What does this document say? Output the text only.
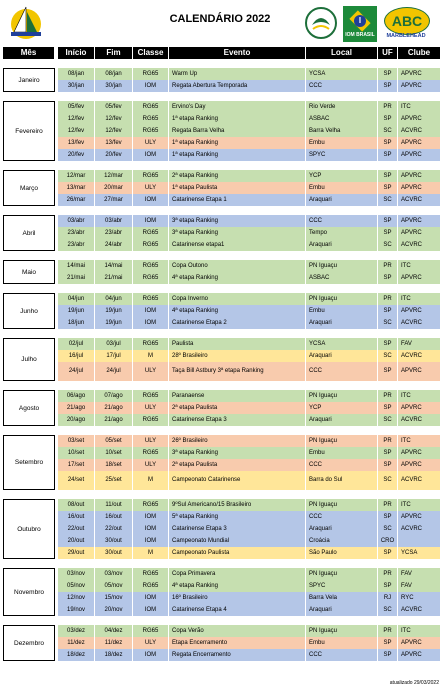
CALENDÁRIO 2022	I
IOM BRASIL
ABC
MARBLEHEAD
Mês	Início	Fim	Classe	Evento	Local	UF	Clube
08/jan	08/jan	RG65	Warm Up	YCSA	SP	APVRC
30/jan	30/jan	IOM	Regata Abertura Temporada	CCC	SP	APVRC
Janeiro
05/fev	05/fev	RG65	Ervino's Day	Rio Verde	PR	ITC
12/fev	12/fev	RG65	1ª etapa Ranking	ASBAC	SP	APVRC
12/fev	12/fev	RG65	Regata Barra Velha	Barra Velha	SC	ACVRC
13/fev	13/fev	ULY	1ª etapa Ranking	Embu	SP	APVRC
20/fev	20/fev	IOM	1ª etapa Ranking	SPYC	SP	APVRC
Fevereiro
12/mar	12/mar	RG65	2ª etapa Ranking	YCP	SP	APVRC
13/mar	20/mar	ULY	1ª etapa Paulista	Embu	SP	APVRC
26/mar	27/mar	IOM	Catarinense Etapa 1	Araquari	SC	ACVRC
Março
03/abr	03/abr	IOM	3ª etapa Ranking	CCC	SP	APVRC
23/abr	23/abr	RG65	3ª etapa Ranking	Tempo	SP	APVRC
23/abr	24/abr	RG65	Catarinense etapa1	Araquari	SC	ACVRC
Abril
14/mai	14/mai	RG65	Copa Outono	PN Iguaçu	PR	ITC
21/mai	21/mai	RG65	4ª etapa Ranking	ASBAC	SP	APVRC
Maio
04/jun	04/jun	RG65	Copa Inverno	PN Iguaçu	PR	ITC
19/jun	19/jun	IOM	4ª etapa Ranking	Embu	SP	APVRC
18/jun	19/jun	IOM	Catarinense Etapa 2	Araquari	SC	ACVRC
Junho
02/jul	03/jul	RG65	Paulista	YCSA	SP	FAV
16/jul	17/jul	M	28º Brasileiro	Araquari	SC	ACVRC
24/jul	24/jul	ULY	Taça Bill Astbury 3ª etapa Ranking	CCC	SP	APVRC
Julho
06/ago	07/ago	RG65	Paranaense	PN Iguaçu	PR	ITC
21/ago	21/ago	ULY	2ª etapa Paulista	YCP	SP	APVRC
20/ago	21/ago	RG65	Catarinense Etapa 3	Araquari	SC	ACVRC
Agosto
03/set	05/set	ULY	26º Brasileiro	PN Iguaçu	PR	ITC
10/set	10/set	RG65	3ª etapa Ranking	Embu	SP	APVRC
17/set	18/set	ULY	2ª etapa Paulista	CCC	SP	APVRC
24/set	25/set	M	Campeonato Catarinense	Barra do Sul	SC	ACVRC
Setembro
08/out	11/out	RG65	9ºSul Americano/15 Brasileiro	PN Iguaçu	PR	ITC
16/out	16/out	IOM	5ª etapa Ranking	CCC	SP	APVRC
22/out	22/out	IOM	Catarinense Etapa 3	Araquari	SC	ACVRC
20/out	30/out	IOM	Campeonato Mundial	Croácia	CRO
29/out	30/out	M	Campeonato Paulista	São Paulo	SP	YCSA
Outubro
03/nov	03/nov	RG65	Copa Primavera	PN Iguaçu	PR	FAV
05/nov	05/nov	RG65	4ª etapa Ranking	SPYC	SP	FAV
12/nov	15/nov	IOM	16º Brasileiro	Barra Vela	RJ	RYC
19/nov	20/nov	IOM	Catarinense Etapa 4	Araquari	SC	ACVRC
Novembro
03/dez	04/dez	RG65	Copa Verão	PN Iguaçu	PR	ITC
11/dez	11/dez	ULY	Etapa Encerramento	Embu	SP	APVRC
18/dez	18/dez	IOM	Regata Encerramento	CCC	SP	APVRC
Dezembro
atualizado 29/03/2022
